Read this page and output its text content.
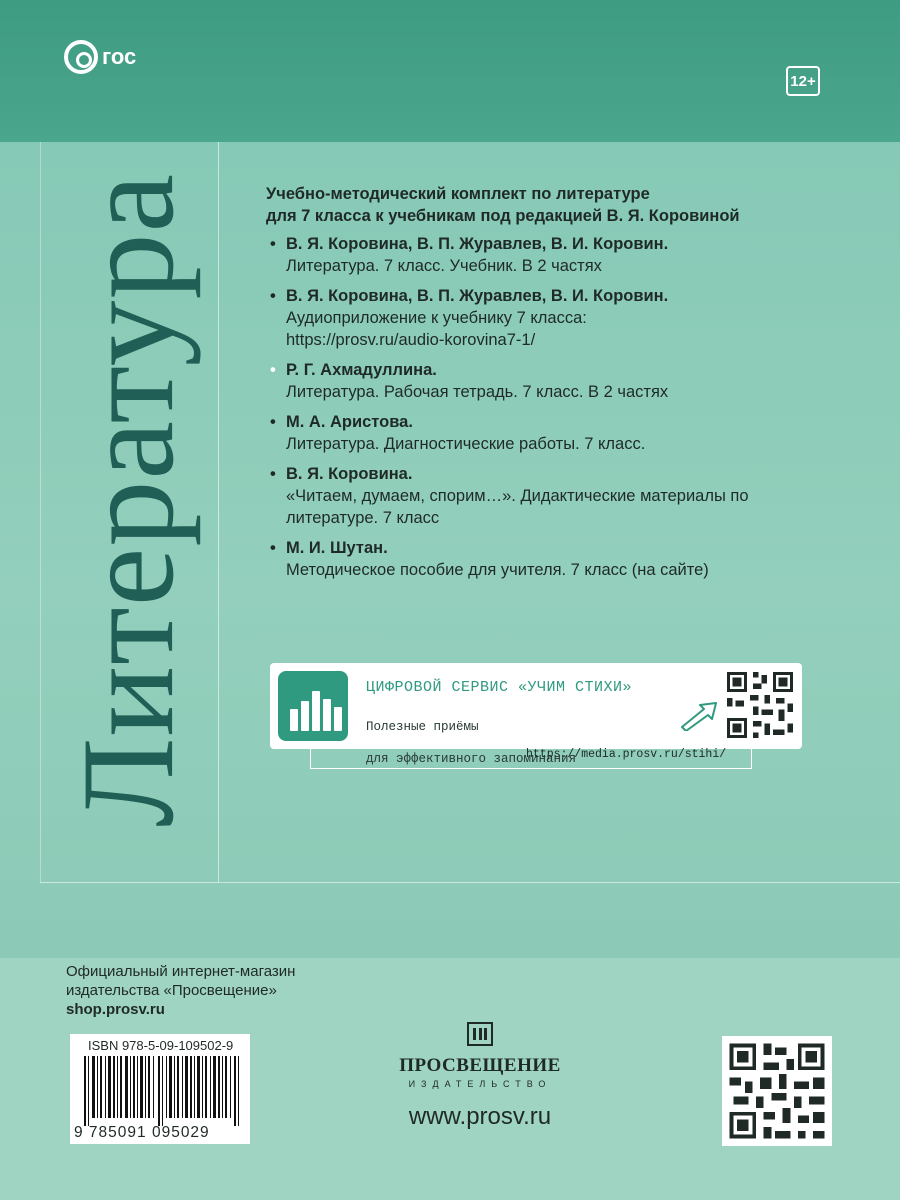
гос
12+
Литература	Учебно-методический комплект по литературе
для 7 класса к учебникам под редакцией В. Я. Коровиной
• В. Я. Коровина, В. П. Журавлев, В. И. Коровин.
Литература. 7 класс. Учебник. В 2 частях
• В. Я. Коровина, В. П. Журавлев, В. И. Коровин.
Аудиоприложение к учебнику 7 класса:
https://prosv.ru/audio-korovina7-1/
• Р. Г. Ахмадуллина.
Литература. Рабочая тетрадь. 7 класс. В 2 частях
• М. А. Аристова.
Литература. Диагностические работы. 7 класс.
• В. Я. Коровина.
«Читаем, думаем, спорим…». Дидактические материалы по
литературе. 7 класс
• М. И. Шутан.
Методическое пособие для учителя. 7 класс (на сайте)
ЦИФРОВОЙ СЕРВИС «УЧИМ СТИХИ»

Полезные приёмы

для эффективного запоминания

https://media.prosv.ru/stihi/
Официальный интернет-магазин
издательства «Просвещение»
shop.prosv.ru
ISBN 978-5-09-109502-9
9 785091 095029
ПРОСВЕЩЕНИЕ
ИЗДАТЕЛЬСТВО
www.prosv.ru
